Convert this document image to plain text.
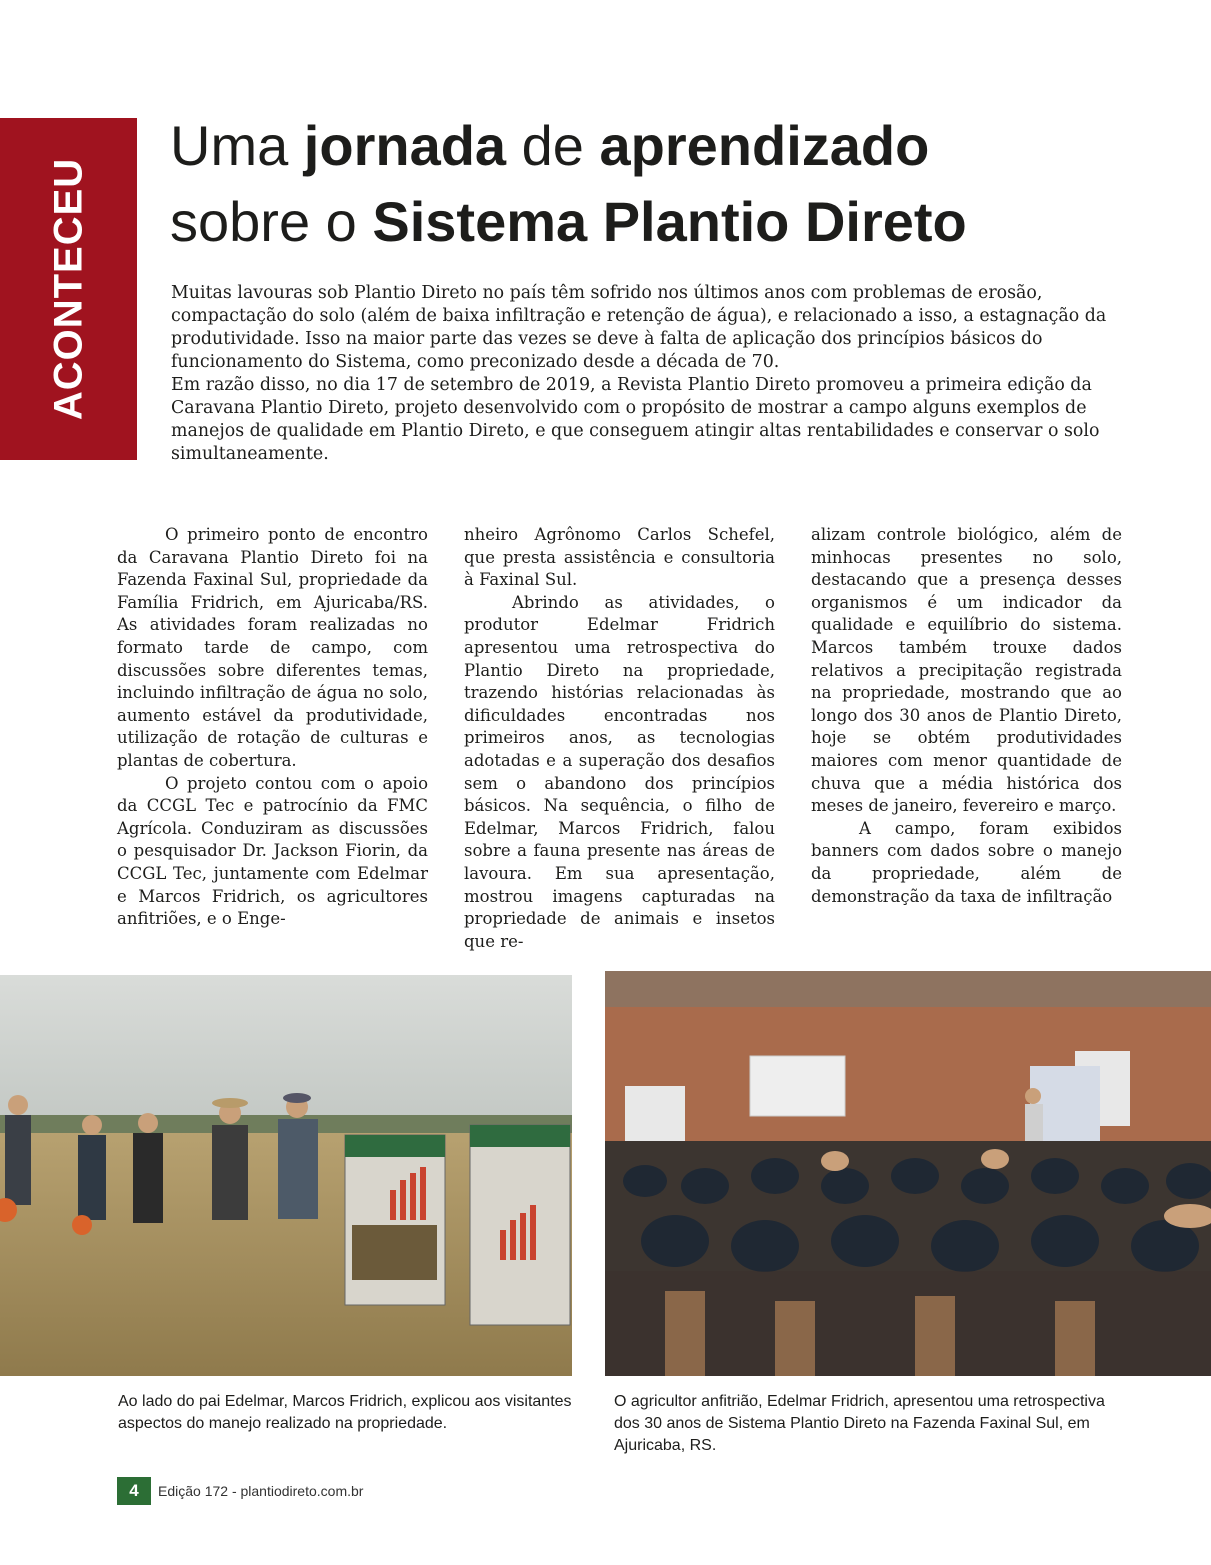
ACONTECEU
Uma jornada de aprendizado
sobre o Sistema Plantio Direto

Muitas lavouras sob Plantio Direto no país têm sofrido nos últimos anos com problemas de erosão, compactação do solo (além de baixa infiltração e retenção de água), e relacionado a isso, a estagnação da produtividade. Isso na maior parte das vezes se deve à falta de aplicação dos princípios básicos do funcionamento do Sistema, como preconizado desde a década de 70.

Em razão disso, no dia 17 de setembro de 2019, a Revista Plantio Direto promoveu a primeira edição da Caravana Plantio Direto, projeto desenvolvido com o propósito de mostrar a campo alguns exemplos de manejos de qualidade em Plantio Direto, e que conseguem atingir altas rentabilidades e conservar o solo simultaneamente.

O primeiro ponto de encontro da Caravana Plantio Direto foi na Fazenda Faxinal Sul, propriedade da Família Fridrich, em Ajuricaba/RS. As atividades foram realizadas no formato tarde de campo, com discussões sobre diferentes temas, incluindo infiltração de água no solo, aumento estável da produtividade, utilização de rotação de culturas e plantas de cobertura.

O projeto contou com o apoio da CCGL Tec e patrocínio da FMC Agrícola. Conduziram as discussões o pesquisador Dr. Jackson Fiorin, da CCGL Tec, juntamente com Edelmar e Marcos Fridrich, os agricultores anfitriões, e o Enge-

nheiro Agrônomo Carlos Schefel, que presta assistência e consultoria à Faxinal Sul.

Abrindo as atividades, o produtor Edelmar Fridrich apresentou uma retrospectiva do Plantio Direto na propriedade, trazendo histórias relacionadas às dificuldades encontradas nos primeiros anos, as tecnologias adotadas e a superação dos desafios sem o abandono dos princípios básicos. Na sequência, o filho de Edelmar, Marcos Fridrich, falou sobre a fauna presente nas áreas de lavoura. Em sua apresentação, mostrou imagens capturadas na propriedade de animais e insetos que re-

alizam controle biológico, além de minhocas presentes no solo, destacando que a presença desses organismos é um indicador da qualidade e equilíbrio do sistema. Marcos também trouxe dados relativos a precipitação registrada na propriedade, mostrando que ao longo dos 30 anos de Plantio Direto, hoje se obtém produtividades maiores com menor quantidade de chuva que a média histórica dos meses de janeiro, fevereiro e março.

A campo, foram exibidos banners com dados sobre o manejo da propriedade, além de demonstração da taxa de infiltração

Ao lado do pai Edelmar, Marcos Fridrich, explicou aos visitantes aspectos do manejo realizado na propriedade.

O agricultor anfitrião, Edelmar Fridrich, apresentou uma retrospectiva dos 30 anos de Sistema Plantio Direto na Fazenda Faxinal Sul, em Ajuricaba, RS.

4	Edição 172 - plantiodireto.com.br
